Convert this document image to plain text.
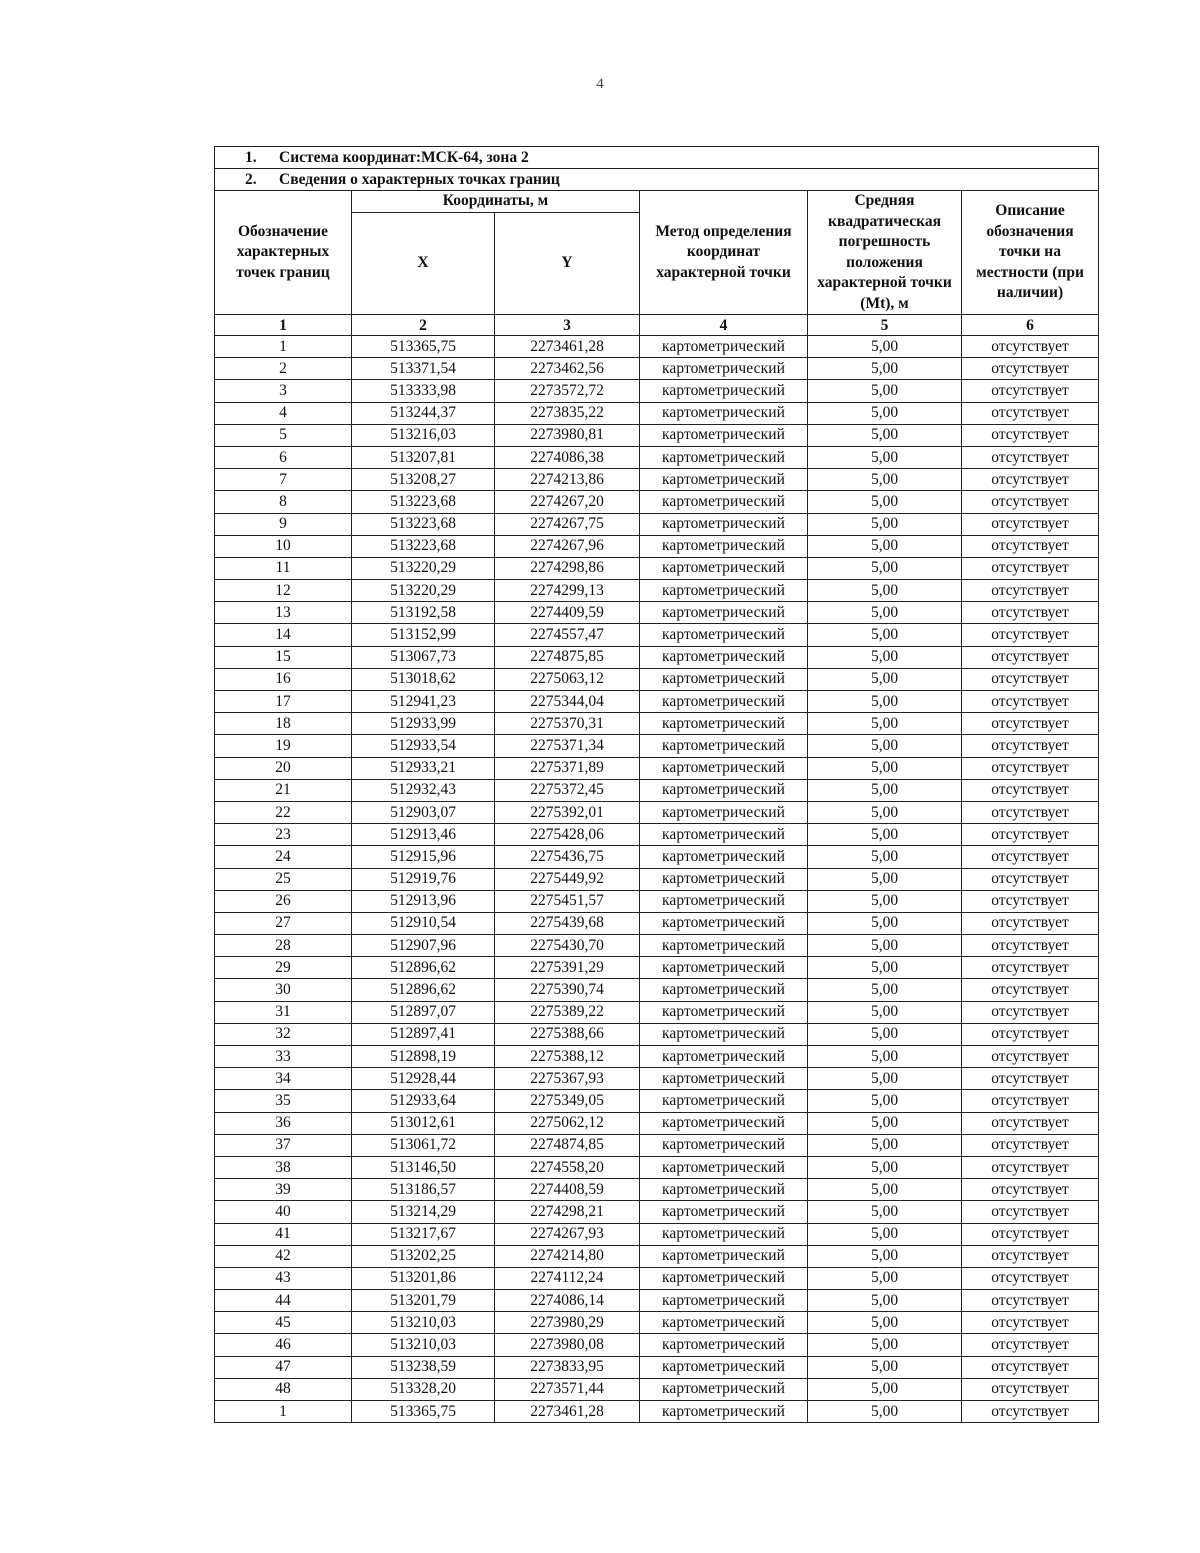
4
1. Система координат:МСК-64, зона 2					
2. Сведения о характерных точках границ					
Обозначение характерных точек границ	Координаты, м		Метод определения координат характерной точки	Средняя квадратическая погрешность положения характерной точки (Mt), м	Описание обозначения точки на местности (при наличии)
	X	Y			
1	2	3	4	5	6
1	513365,75	2273461,28	картометрический	5,00	отсутствует
2	513371,54	2273462,56	картометрический	5,00	отсутствует
3	513333,98	2273572,72	картометрический	5,00	отсутствует
4	513244,37	2273835,22	картометрический	5,00	отсутствует
5	513216,03	2273980,81	картометрический	5,00	отсутствует
6	513207,81	2274086,38	картометрический	5,00	отсутствует
7	513208,27	2274213,86	картометрический	5,00	отсутствует
8	513223,68	2274267,20	картометрический	5,00	отсутствует
9	513223,68	2274267,75	картометрический	5,00	отсутствует
10	513223,68	2274267,96	картометрический	5,00	отсутствует
11	513220,29	2274298,86	картометрический	5,00	отсутствует
12	513220,29	2274299,13	картометрический	5,00	отсутствует
13	513192,58	2274409,59	картометрический	5,00	отсутствует
14	513152,99	2274557,47	картометрический	5,00	отсутствует
15	513067,73	2274875,85	картометрический	5,00	отсутствует
16	513018,62	2275063,12	картометрический	5,00	отсутствует
17	512941,23	2275344,04	картометрический	5,00	отсутствует
18	512933,99	2275370,31	картометрический	5,00	отсутствует
19	512933,54	2275371,34	картометрический	5,00	отсутствует
20	512933,21	2275371,89	картометрический	5,00	отсутствует
21	512932,43	2275372,45	картометрический	5,00	отсутствует
22	512903,07	2275392,01	картометрический	5,00	отсутствует
23	512913,46	2275428,06	картометрический	5,00	отсутствует
24	512915,96	2275436,75	картометрический	5,00	отсутствует
25	512919,76	2275449,92	картометрический	5,00	отсутствует
26	512913,96	2275451,57	картометрический	5,00	отсутствует
27	512910,54	2275439,68	картометрический	5,00	отсутствует
28	512907,96	2275430,70	картометрический	5,00	отсутствует
29	512896,62	2275391,29	картометрический	5,00	отсутствует
30	512896,62	2275390,74	картометрический	5,00	отсутствует
31	512897,07	2275389,22	картометрический	5,00	отсутствует
32	512897,41	2275388,66	картометрический	5,00	отсутствует
33	512898,19	2275388,12	картометрический	5,00	отсутствует
34	512928,44	2275367,93	картометрический	5,00	отсутствует
35	512933,64	2275349,05	картометрический	5,00	отсутствует
36	513012,61	2275062,12	картометрический	5,00	отсутствует
37	513061,72	2274874,85	картометрический	5,00	отсутствует
38	513146,50	2274558,20	картометрический	5,00	отсутствует
39	513186,57	2274408,59	картометрический	5,00	отсутствует
40	513214,29	2274298,21	картометрический	5,00	отсутствует
41	513217,67	2274267,93	картометрический	5,00	отсутствует
42	513202,25	2274214,80	картометрический	5,00	отсутствует
43	513201,86	2274112,24	картометрический	5,00	отсутствует
44	513201,79	2274086,14	картометрический	5,00	отсутствует
45	513210,03	2273980,29	картометрический	5,00	отсутствует
46	513210,03	2273980,08	картометрический	5,00	отсутствует
47	513238,59	2273833,95	картометрический	5,00	отсутствует
48	513328,20	2273571,44	картометрический	5,00	отсутствует
1	513365,75	2273461,28	картометрический	5,00	отсутствует
